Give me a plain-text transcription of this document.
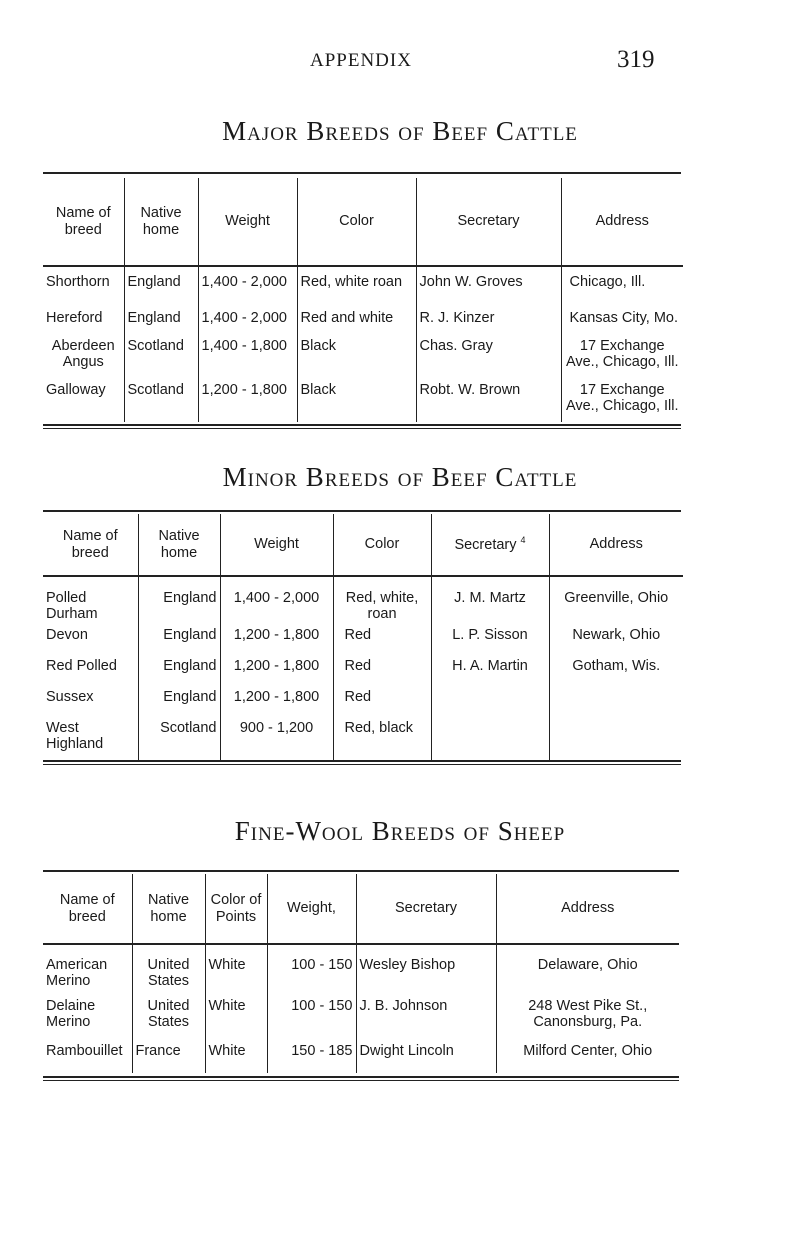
APPENDIX	319
Major Breeds of Beef Cattle
Name of breed	Native home	Weight	Color	Secretary	Address
Shorthorn	England	1,400 - 2,000	Red, white roan	John W. Groves	Chicago, Ill.
Hereford	England	1,400 - 2,000	Red and white	R. J. Kinzer	Kansas City, Mo.
Aberdeen Angus	Scotland	1,400 - 1,800	Black	Chas. Gray	17 Exchange Ave., Chicago, Ill.
Galloway	Scotland	1,200 - 1,800	Black	Robt. W. Brown	17 Exchange Ave., Chicago, Ill.
Minor Breeds of Beef Cattle
Name of breed	Native home	Weight	Color	Secretary $^4$	Address
Polled Durham	England	1,400 - 2,000	Red, white, roan	J. M. Martz	Greenville, Ohio
Devon	England	1,200 - 1,800	Red	L. P. Sisson	Newark, Ohio
Red Polled	England	1,200 - 1,800	Red	H. A. Martin	Gotham, Wis.
Sussex	England	1,200 - 1,800	Red		
West Highland	Scotland	900 - 1,200	Red, black		
Fine-Wool Breeds of Sheep
Name of breed	Native home	Color of Points	Weight,	Secretary	Address
American Merino	United States	White	100 - 150	Wesley Bishop	Delaware, Ohio
Delaine Merino	United States	White	100 - 150	J. B. Johnson	248 West Pike St., Canonsburg, Pa.
Rambouillet	France	White	150 - 185	Dwight Lincoln	Milford Center, Ohio
